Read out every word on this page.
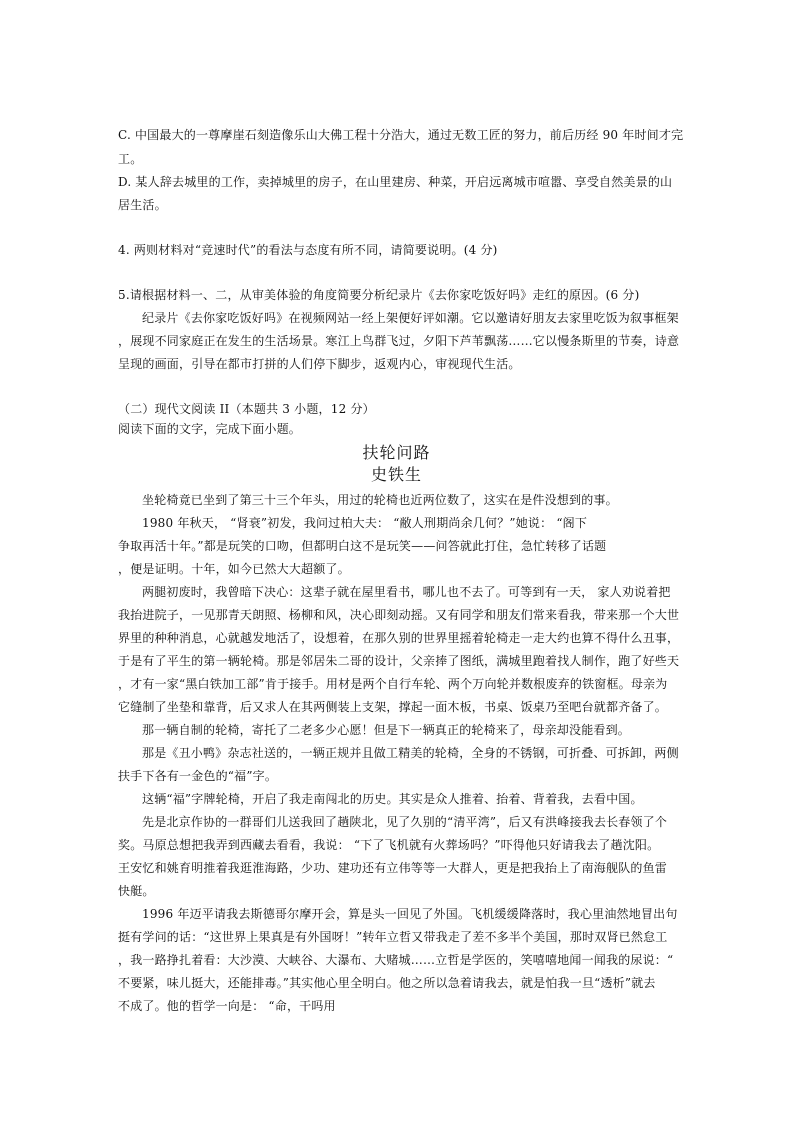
C. 中国最大的一尊摩崖石刻造像乐山大佛工程十分浩大，通过无数工匠的努力，前后历经 90 年时间才完
工。
D. 某人辞去城里的工作，卖掉城里的房子，在山里建房、种菜，开启远离城市喧嚣、享受自然美景的山
居生活。
4. 两则材料对“竞速时代”的看法与态度有所不同，请简要说明。(4 分)
5.请根据材料一、二，从审美体验的角度简要分析纪录片《去你家吃饭好吗》走红的原因。(6 分)
纪录片《去你家吃饭好吗》在视频网站一经上架便好评如潮。它以邀请好朋友去家里吃饭为叙事框架
，展现不同家庭正在发生的生活场景。寒江上鸟群飞过，夕阳下芦苇飘荡……它以慢条斯里的节奏，诗意
呈现的画面，引导在都市打拼的人们停下脚步，返观内心，审视现代生活。
（二）现代文阅读 II（本题共 3 小题，12 分）
阅读下面的文字，完成下面小题。
扶轮问路
史铁生
坐轮椅竟已坐到了第三十三个年头，用过的轮椅也近两位数了，这实在是件没想到的事。
1980 年秋天， “肾衰”初发，我问过柏大夫： “敝人刑期尚余几何？”她说： “阁下
争取再活十年。”都是玩笑的口吻，但都明白这不是玩笑——问答就此打住，急忙转移了话题
，便是证明。十年，如今已然大大超额了。
两腿初废时，我曾暗下决心：这辈子就在屋里看书，哪儿也不去了。可等到有一天， 家人劝说着把
我抬进院子，一见那青天朗照、杨柳和风，决心即刻动摇。又有同学和朋友们常来看我，带来那一个大世
界里的种种消息，心就越发地活了，设想着，在那久别的世界里摇着轮椅走一走大约也算不得什么丑事，
于是有了平生的第一辆轮椅。那是邻居朱二哥的设计，父亲捧了图纸，满城里跑着找人制作，跑了好些天
，才有一家“黑白铁加工部”肯于接手。用材是两个自行车轮、两个万向轮并数根废弃的铁窗框。母亲为
它缝制了坐垫和靠背，后又求人在其两侧装上支架，撑起一面木板，书桌、饭桌乃至吧台就都齐备了。
那一辆自制的轮椅，寄托了二老多少心愿！但是下一辆真正的轮椅来了，母亲却没能看到。
那是《丑小鸭》杂志社送的，一辆正规并且做工精美的轮椅，全身的不锈钢，可折叠、可拆卸，两侧
扶手下各有一金色的“福”字。
这辆“福”字牌轮椅，开启了我走南闯北的历史。其实是众人推着、抬着、背着我，去看中国。
先是北京作协的一群哥们儿送我回了趟陕北，见了久别的“清平湾”，后又有洪峰接我去长春领了个
奖。马原总想把我弄到西藏去看看，我说： “下了飞机就有火葬场吗？”吓得他只好请我去了趟沈阳。
王安忆和姚育明推着我逛淮海路，少功、建功还有立伟等等一大群人，更是把我抬上了南海舰队的鱼雷
快艇。
1996 年迈平请我去斯德哥尔摩开会，算是头一回见了外国。飞机缓缓降落时，我心里油然地冒出句
挺有学问的话：“这世界上果真是有外国呀！”转年立哲又带我走了差不多半个美国，那时双肾已然怠工
，我一路挣扎着看：大沙漠、大峡谷、大瀑布、大赌城……立哲是学医的，笑嘻嘻地闻一闻我的尿说：“
不要紧，味儿挺大，还能排毒。”其实他心里全明白。他之所以急着请我去，就是怕我一旦“透析”就去
不成了。他的哲学一向是： “命，干吗用
